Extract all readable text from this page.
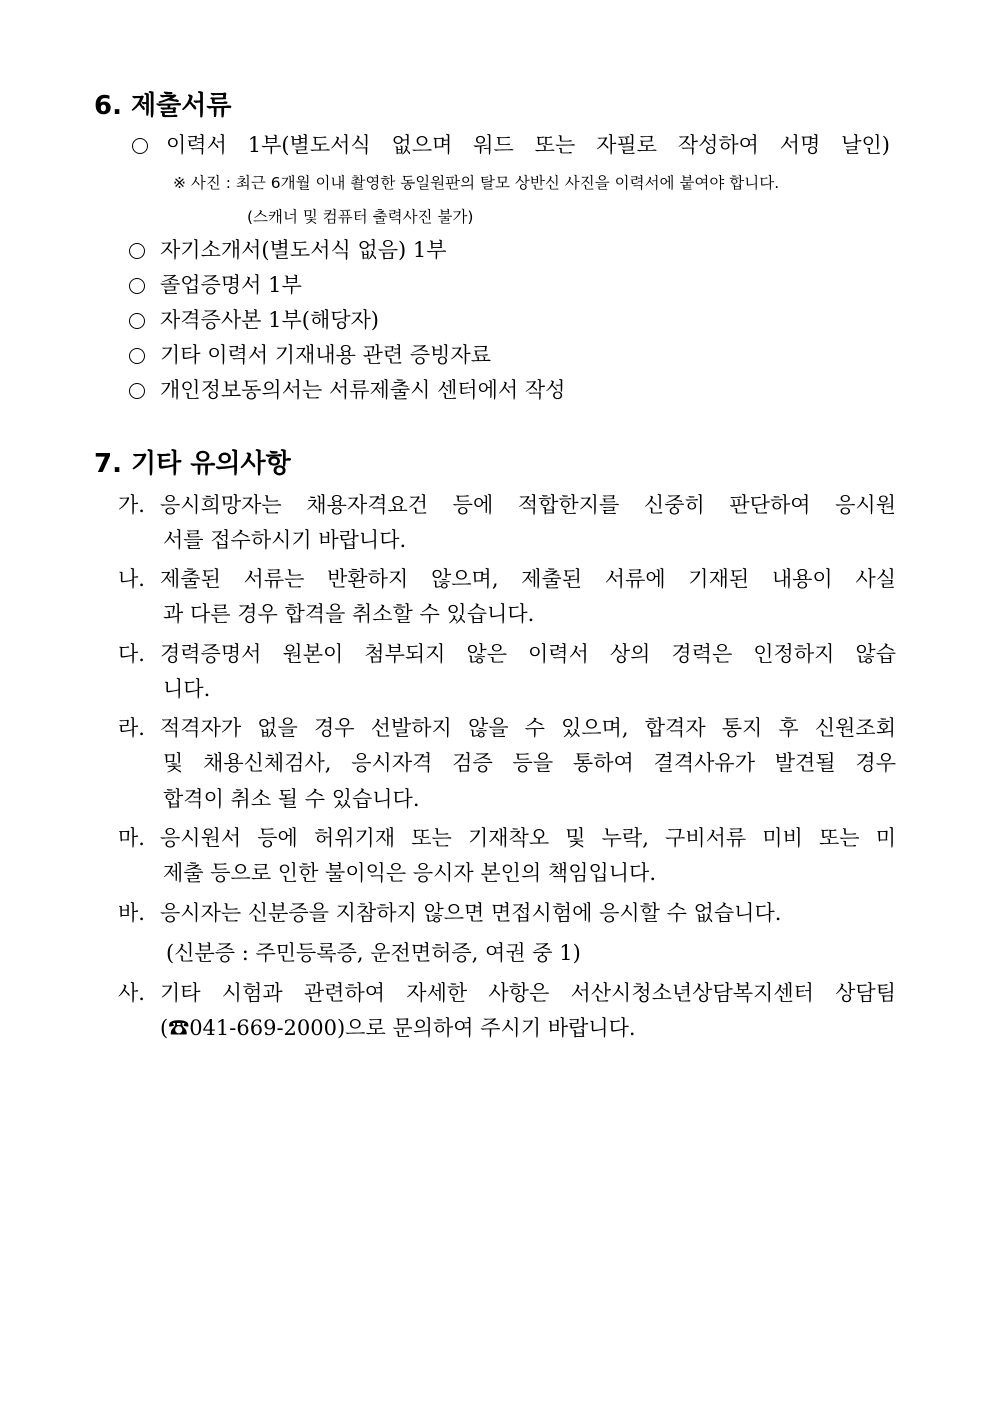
6. 제출서류
이력서 1부(별도서식 없으며 워드 또는 자필로 작성하여 서명 날인)
※ 사진 : 최근 6개월 이내 촬영한 동일원판의 탈모 상반신 사진을 이력서에 붙여야 합니다.
(스캐너 및 컴퓨터 출력사진 불가)
자기소개서(별도서식 없음) 1부
졸업증명서 1부
자격증사본 1부(해당자)
기타 이력서 기재내용 관련 증빙자료
개인정보동의서는 서류제출시 센터에서 작성
7. 기타 유의사항
가. 응시희망자는 채용자격요건 등에 적합한지를 신중히 판단하여 응시원
서를 접수하시기 바랍니다.
나. 제출된 서류는 반환하지 않으며, 제출된 서류에 기재된 내용이 사실
과 다른 경우 합격을 취소할 수 있습니다.
다. 경력증명서 원본이 첨부되지 않은 이력서 상의 경력은 인정하지 않습
니다.
라. 적격자가 없을 경우 선발하지 않을 수 있으며, 합격자 통지 후 신원조회
및 채용신체검사, 응시자격 검증 등을 통하여 결격사유가 발견될 경우
합격이 취소 될 수 있습니다.
마. 응시원서 등에 허위기재 또는 기재착오 및 누락, 구비서류 미비 또는 미
제출 등으로 인한 불이익은 응시자 본인의 책임입니다.
바. 응시자는 신분증을 지참하지 않으면 면접시험에 응시할 수 없습니다.
(신분증 : 주민등록증, 운전면허증, 여권 중 1)
사. 기타 시험과 관련하여 자세한 사항은 서산시청소년상담복지센터 상담팀
(☎041-669-2000)으로 문의하여 주시기 바랍니다.
